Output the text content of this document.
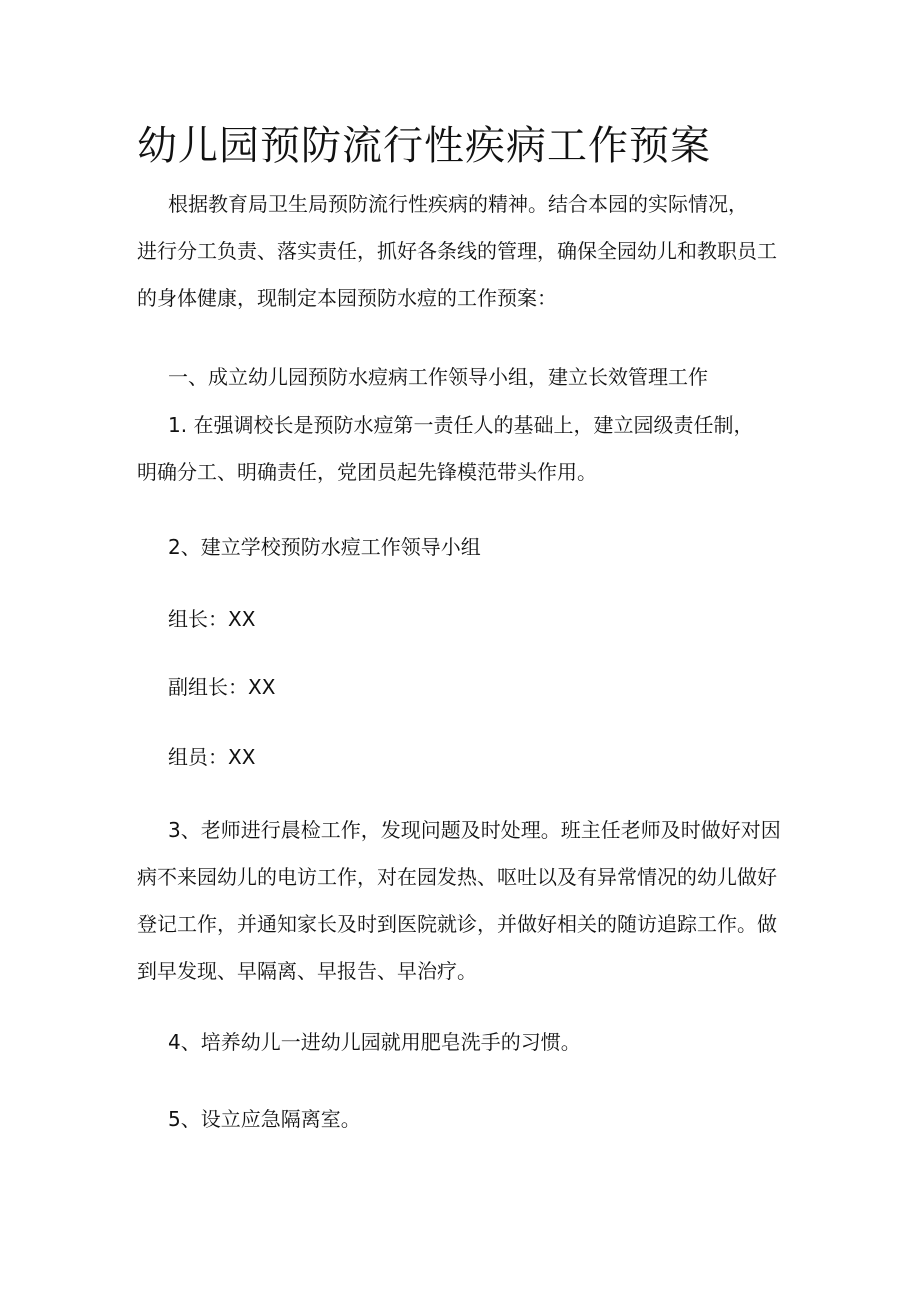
幼儿园预防流行性疾病工作预案
根据教育局卫生局预防流行性疾病的精神。结合本园的实际情况，
进行分工负责、落实责任，抓好各条线的管理，确保全园幼儿和教职员工
的身体健康，现制定本园预防水痘的工作预案：
一、成立幼儿园预防水痘病工作领导小组，建立长效管理工作
1. 在强调校长是预防水痘第一责任人的基础上，建立园级责任制，
明确分工、明确责任，党团员起先锋模范带头作用。
2、建立学校预防水痘工作领导小组
组长：XX
副组长：XX
组员：XX
3、老师进行晨检工作，发现问题及时处理。班主任老师及时做好对因
病不来园幼儿的电访工作，对在园发热、呕吐以及有异常情况的幼儿做好
登记工作，并通知家长及时到医院就诊，并做好相关的随访追踪工作。做
到早发现、早隔离、早报告、早治疗。
4、培养幼儿一进幼儿园就用肥皂洗手的习惯。
5、设立应急隔离室。
